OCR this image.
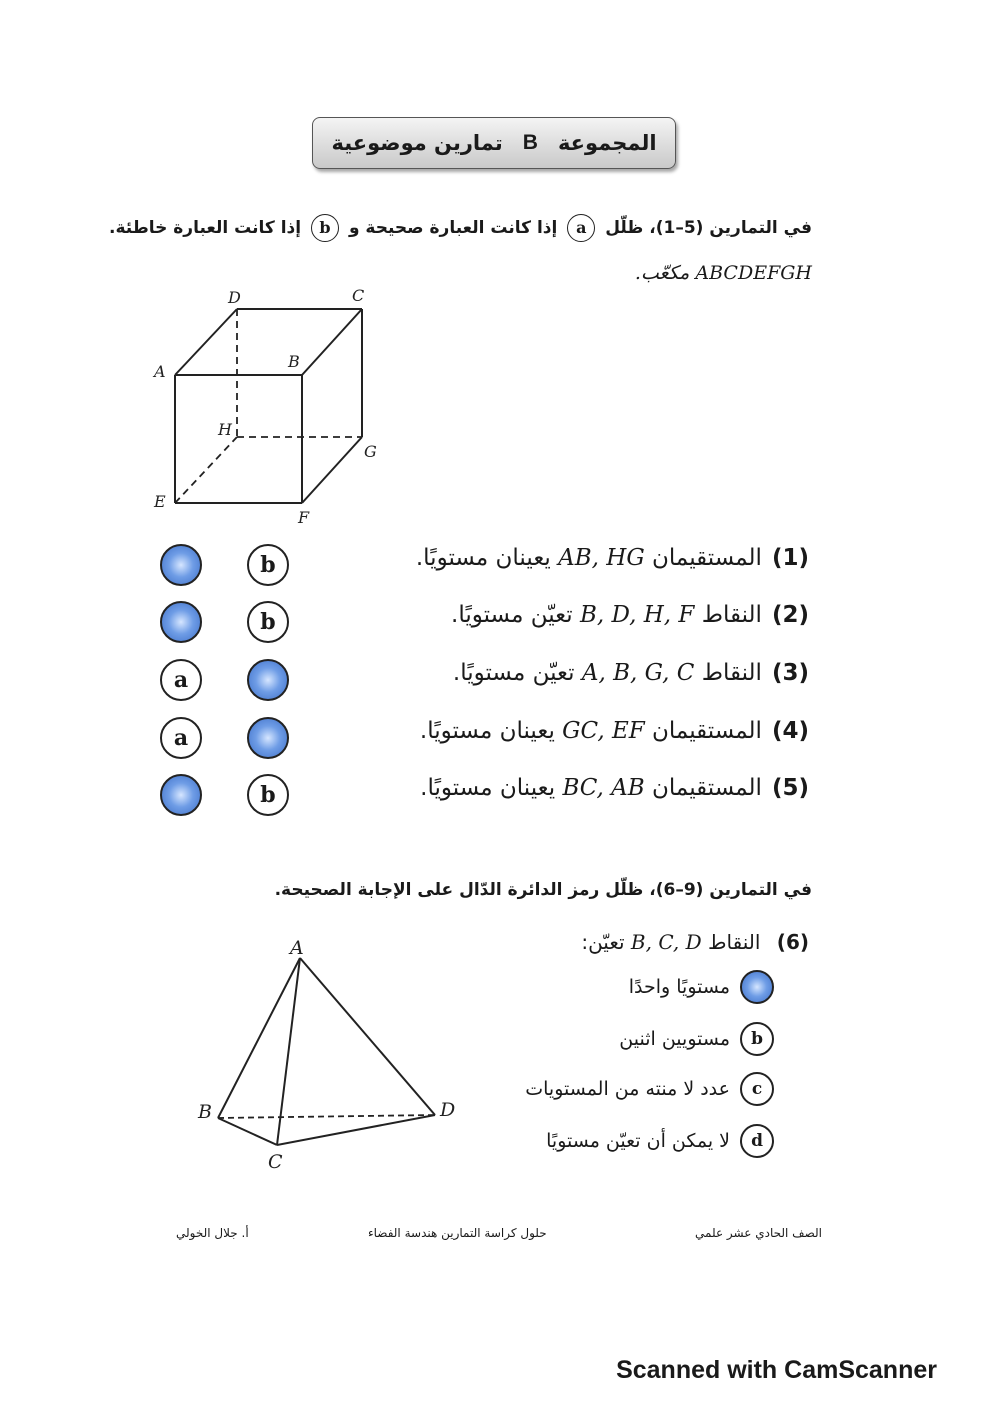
المجموعة
B
تمارين موضوعية
في التمارين (5–1)، ظلّل a إذا كانت العبارة صحيحة و b إذا كانت العبارة خاطئة.
ABCDEFGH مكعّب.
A
B
C
D
E
F
G
H
(1)المستقيمان AB, HG يعينان مستويًا.
b
(2)النقاط B, D, H, F تعيّن مستويًا.
b
(3)النقاط A, B, G, C تعيّن مستويًا.
a
(4)المستقيمان GC, EF يعينان مستويًا.
a
(5)المستقيمان BC, AB يعينان مستويًا.
b
في التمارين (9–6)، ظلّل رمز الدائرة الدّال على الإجابة الصحيحة.
(6) النقاط B, C, D تعيّن:
مستويًا واحدًا
b
مستويين اثنين
c
عدد لا منته من المستويات
d
لا يمكن أن تعيّن مستويًا
A
B
C
D
الصف الحادي عشر علمي
حلول كراسة التمارين هندسة الفضاء
أ. جلال الخولي
Scanned with CamScanner
